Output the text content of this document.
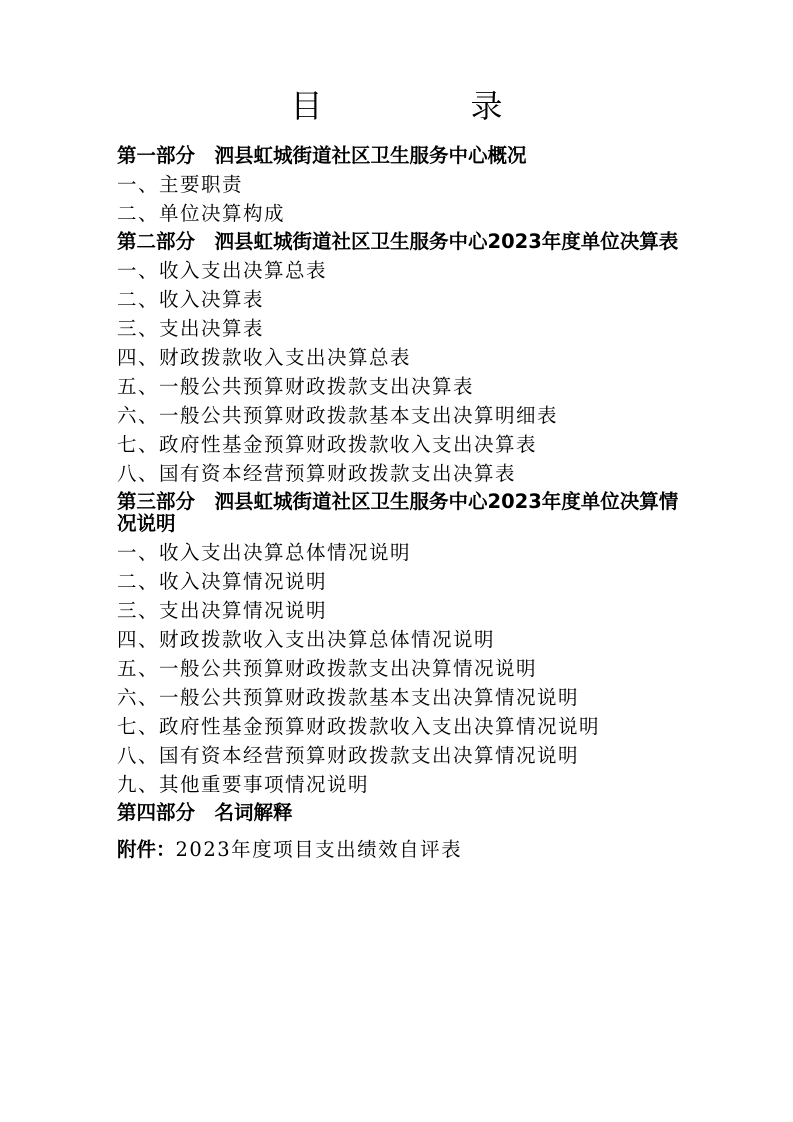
目　录
第一部分　泗县虹城街道社区卫生服务中心概况
一、主要职责
二、单位决算构成
第二部分　泗县虹城街道社区卫生服务中心2023年度单位决算表
一、收入支出决算总表
二、收入决算表
三、支出决算表
四、财政拨款收入支出决算总表
五、一般公共预算财政拨款支出决算表
六、一般公共预算财政拨款基本支出决算明细表
七、政府性基金预算财政拨款收入支出决算表
八、国有资本经营预算财政拨款支出决算表
第三部分　泗县虹城街道社区卫生服务中心2023年度单位决算情况说明
一、收入支出决算总体情况说明
二、收入决算情况说明
三、支出决算情况说明
四、财政拨款收入支出决算总体情况说明
五、一般公共预算财政拨款支出决算情况说明
六、一般公共预算财政拨款基本支出决算情况说明
七、政府性基金预算财政拨款收入支出决算情况说明
八、国有资本经营预算财政拨款支出决算情况说明
九、其他重要事项情况说明
第四部分　名词解释
附件：2023年度项目支出绩效自评表
